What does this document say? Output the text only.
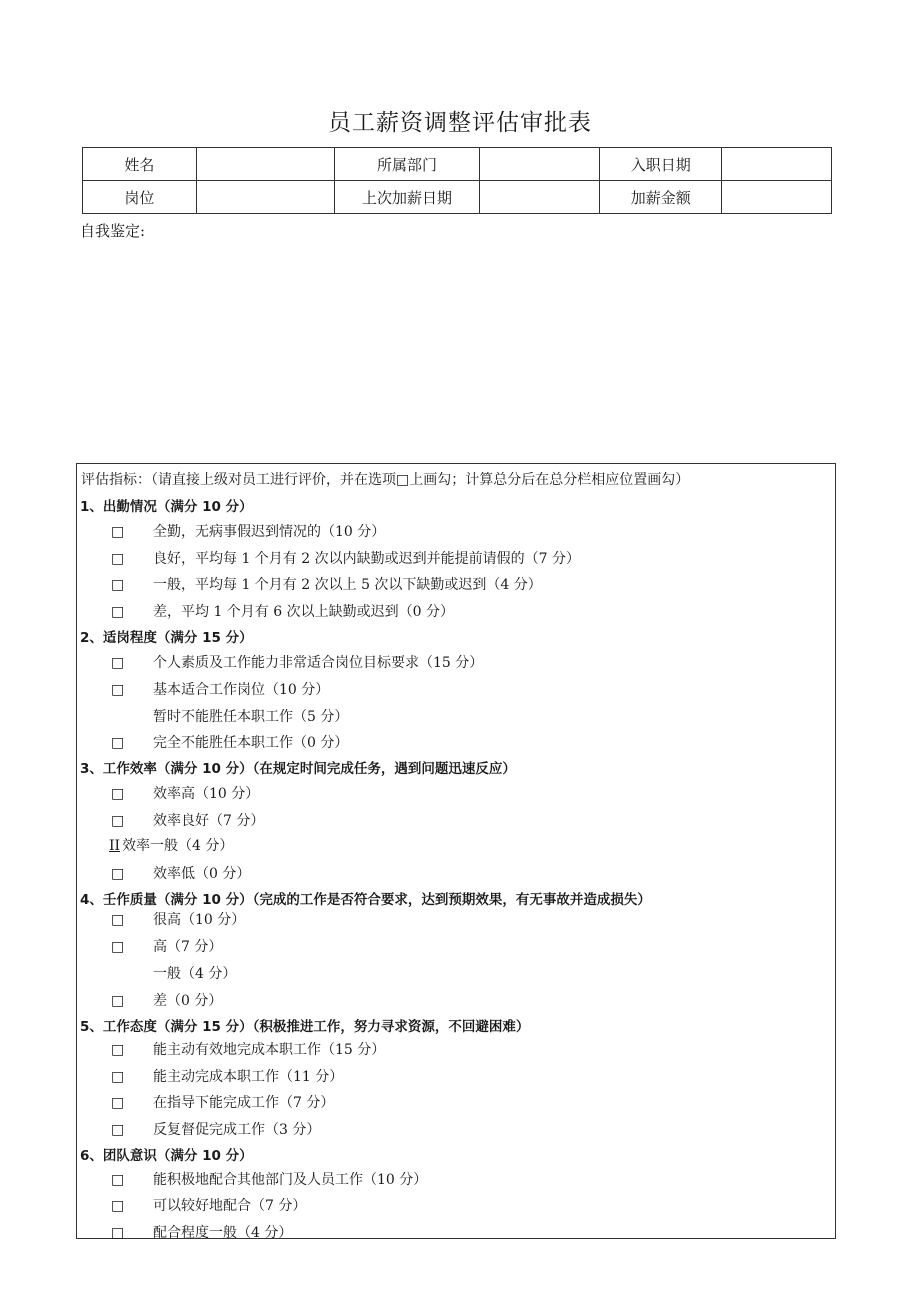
员工薪资调整评估审批表
姓名		所属部门		入职日期	
岗位		上次加薪日期		加薪金额	
自我鉴定:
评估指标：（请直接上级对员工进行评价，并在选项□上画勾；计算总分后在总分栏相应位置画勾）
1、出勤情况（满分 10 分）
□ 全勤，无病事假迟到情况的（10 分）
□ 良好，平均每 1 个月有 2 次以内缺勤或迟到并能提前请假的（7 分）
□ 一般，平均每 1 个月有 2 次以上 5 次以下缺勤或迟到（4 分）
□ 差，平均 1 个月有 6 次以上缺勤或迟到（0 分）
2、适岗程度（满分 15 分）
□ 个人素质及工作能力非常适合岗位目标要求（15 分）
□ 基本适合工作岗位（10 分）
暂时不能胜任本职工作（5 分）
□ 完全不能胜任本职工作（0 分）
3、工作效率（满分 10 分）（在规定时间完成任务，遇到问题迅速反应）
□ 效率高（10 分）
□ 效率良好（7 分）
II 效率一般（4 分）
□ 效率低（0 分）
4、壬作质量（满分 10 分）（完成的工作是否符合要求，达到预期效果，有无事故并造成损失）
□ 很高（10 分）
□ 高（7 分）
一般（4 分）
□ 差（0 分）
5、工作态度（满分 15 分）（积极推进工作，努力寻求资源，不回避困难）
□ 能主动有效地完成本职工作（15 分）
□ 能主动完成本职工作（11 分）
□ 在指导下能完成工作（7 分）
□ 反复督促完成工作（3 分）
6、团队意识（满分 10 分）
□ 能积极地配合其他部门及人员工作（10 分）
□ 可以较好地配合（7 分）
□ 配合程度一般（4 分）
